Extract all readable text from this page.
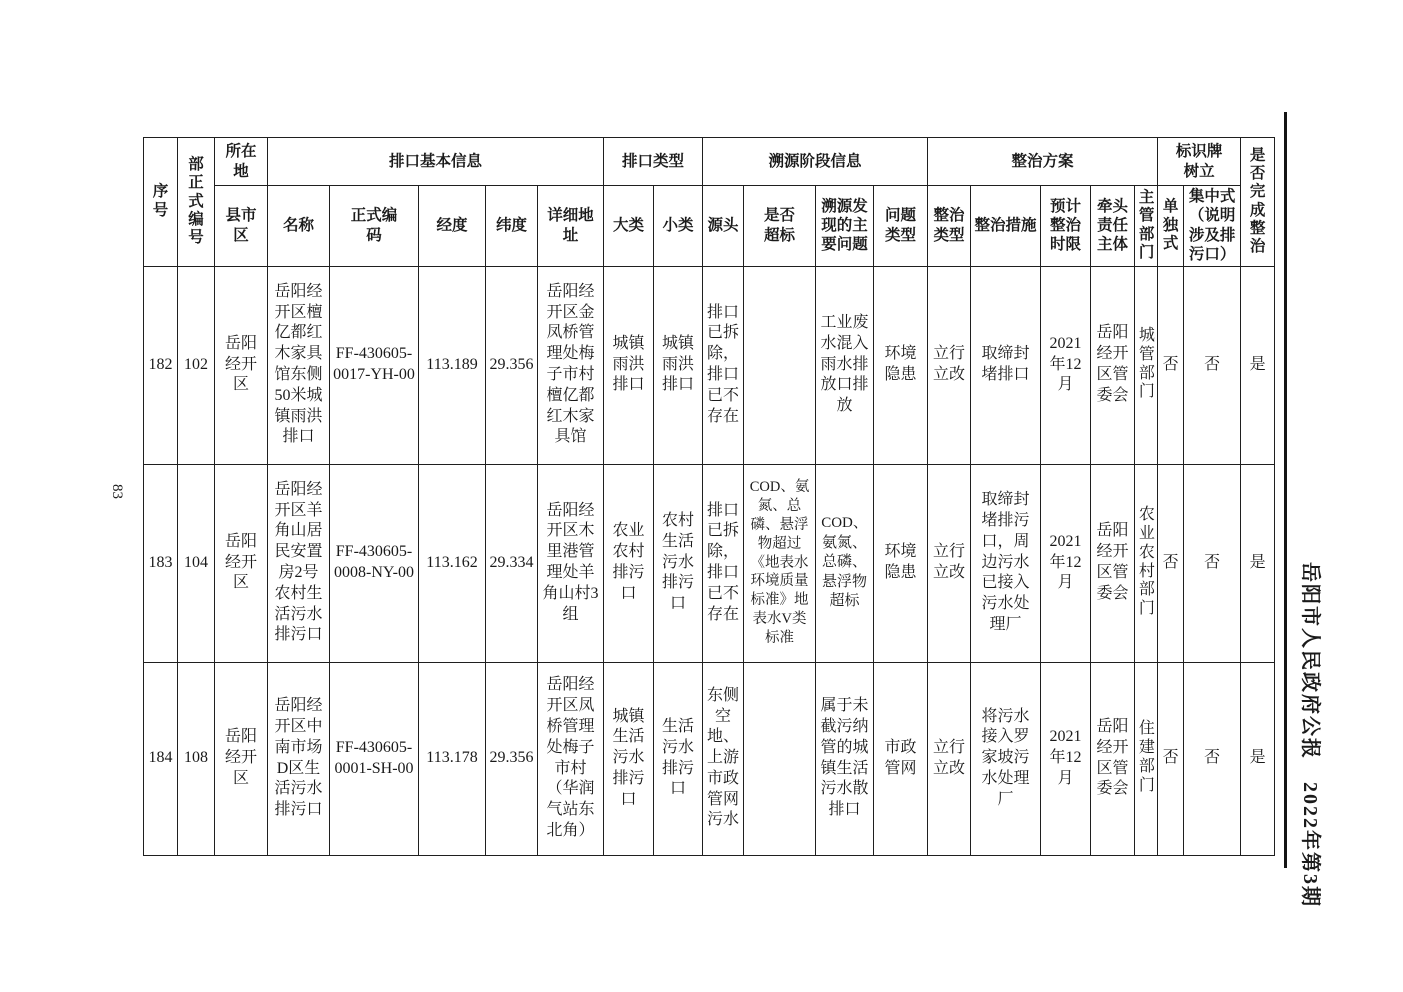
83
序号	部正式编号	所在地	排口基本信息					排口类型		溯源阶段信息				整治方案					标识牌树立		是否完成整治
		县市区	名称	正式编码	经度	纬度	详细地址	大类	小类	源头	是否超标	溯源发现的主要问题	问题类型	整治类型	整治措施	预计整治时限	牵头责任主体	主管部门	单独式	集中式（说明涉及排污口）	
182	102	岳阳经开区	岳阳经开区檀亿都红木家具馆东侧50米城镇雨洪排口	FF-430605-0017-YH-00	113.189	29.356	岳阳经开区金凤桥管理处梅子市村檀亿都红木家具馆	城镇雨洪排口	城镇雨洪排口	排口已拆除，排口已不存在		工业废水混入雨水排放口排放	环境隐患	立行立改	取缔封堵排口	2021年12月	岳阳经开区管委会	城管部门	否	否	是
183	104	岳阳经开区	岳阳经开区羊角山居民安置房2号农村生活污水排污口	FF-430605-0008-NY-00	113.162	29.334	岳阳经开区木里港管理处羊角山村3组	农业农村排污口	农村生活污水排污口	排口已拆除，排口已不存在	COD、氨氮、总磷、悬浮物超过《地表水环境质量标准》地表水V类标准	COD、氨氮、总磷、悬浮物超标	环境隐患	立行立改	取缔封堵排污口，周边污水已接入污水处理厂	2021年12月	岳阳经开区管委会	农业农村部门	否	否	是
184	108	岳阳经开区	岳阳经开区中南市场D区生活污水排污口	FF-430605-0001-SH-00	113.178	29.356	岳阳经开区凤桥管理处梅子市村（华润气站东北角）	城镇生活污水排污口	生活污水排污口	东侧空地、上游市政管网污水		属于未截污纳管的城镇生活污水散排口	市政管网	立行立改	将污水接入罗家坡污水处理厂	2021年12月	岳阳经开区管委会	住建部门	否	否	是 岳阳市人民政府公报　2022年第3期
